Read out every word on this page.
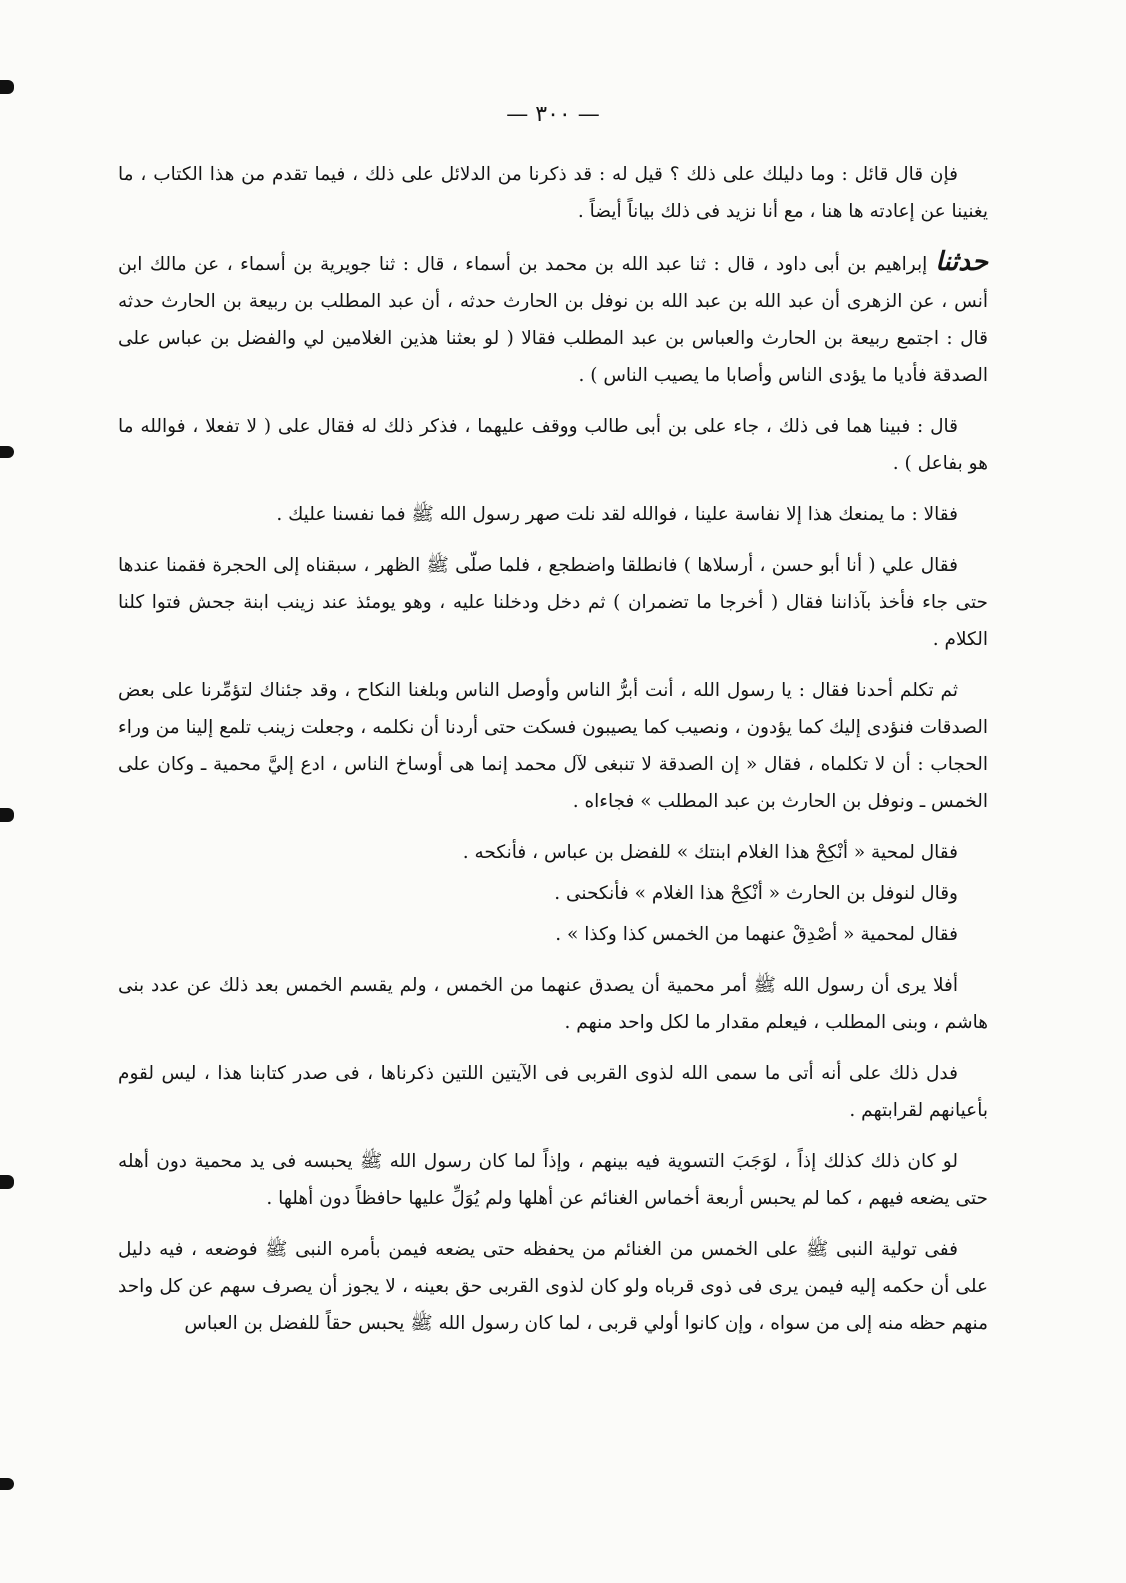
— ٣٠٠ —

فإن قال قائل : وما دليلك على ذلك ؟ قيل له : قد ذكرنا من الدلائل على ذلك ، فيما تقدم من هذا الكتاب ، ما يغنينا عن إعادته ها هنا ، مع أنا نزيد فى ذلك بياناً أيضاً .

حدثناإبراهيم بن أبى داود ، قال : ثنا عبد الله بن محمد بن أسماء ، قال : ثنا جويرية بن أسماء ، عن مالك ابن أنس ، عن الزهرى أن عبد الله بن عبد الله بن نوفل بن الحارث حدثه ، أن عبد المطلب بن ربيعة بن الحارث حدثه قال : اجتمع ربيعة بن الحارث والعباس بن عبد المطلب فقالا ( لو بعثنا هذين الغلامين لي والفضل بن عباس على الصدقة فأديا ما يؤدى الناس وأصابا ما يصيب الناس ) .

قال : فبينا هما فى ذلك ، جاء على بن أبى طالب ووقف عليهما ، فذكر ذلك له فقال على ( لا تفعلا ، فوالله ما هو بفاعل ) .

فقالا : ما يمنعك هذا إلا نفاسة علينا ، فوالله لقد نلت صهر رسول الله ﷺ فما نفسنا عليك .

فقال علي ( أنا أبو حسن ، أرسلاها ) فانطلقا واضطجع ، فلما صلّى ﷺ الظهر ، سبقناه إلى الحجرة فقمنا عندها حتى جاء فأخذ بآذاننا فقال ( أخرجا ما تضمران ) ثم دخل ودخلنا عليه ، وهو يومئذ عند زينب ابنة جحش فتوا كلنا الكلام .

ثم تكلم أحدنا فقال : يا رسول الله ، أنت أبرُّ الناس وأوصل الناس وبلغنا النكاح ، وقد جئناك لتؤمِّرنا على بعض الصدقات فنؤدى إليك كما يؤدون ، ونصيب كما يصيبون فسكت حتى أردنا أن نكلمه ، وجعلت زينب تلمع إلينا من وراء الحجاب : أن لا تكلماه ، فقال « إن الصدقة لا تنبغى لآل محمد إنما هى أوساخ الناس ، ادع إليَّ محمية ـ وكان على الخمس ـ ونوفل بن الحارث بن عبد المطلب » فجاءاه .

فقال لمحية « أنْكِحْ هذا الغلام ابنتك » للفضل بن عباس ، فأنكحه .

وقال لنوفل بن الحارث « أنْكِحْ هذا الغلام » فأنكحنى .

فقال لمحمية « أصْدِقْ عنهما من الخمس كذا وكذا » .

أفلا يرى أن رسول الله ﷺ أمر محمية أن يصدق عنهما من الخمس ، ولم يقسم الخمس بعد ذلك عن عدد بنى هاشم ، وبنى المطلب ، فيعلم مقدار ما لكل واحد منهم .

فدل ذلك على أنه أتى ما سمى الله لذوى القربى فى الآيتين اللتين ذكرناها ، فى صدر كتابنا هذا ، ليس لقوم بأعيانهم لقرابتهم .

لو كان ذلك كذلك إذاً ، لوَجَبَ التسوية فيه بينهم ، وإذاً لما كان رسول الله ﷺ يحبسه فى يد محمية دون أهله حتى يضعه فيهم ، كما لم يحبس أربعة أخماس الغنائم عن أهلها ولم يُوَلِّ عليها حافظاً دون أهلها .

ففى تولية النبى ﷺ على الخمس من الغنائم من يحفظه حتى يضعه فيمن بأمره النبى ﷺ فوضعه ، فيه دليل على أن حكمه إليه فيمن يرى فى ذوى قرباه ولو كان لذوى القربى حق بعينه ، لا يجوز أن يصرف سهم عن كل واحد منهم حظه منه إلى من سواه ، وإن كانوا أولي قربى ، لما كان رسول الله ﷺ يحبس حقاً للفضل بن العباس
